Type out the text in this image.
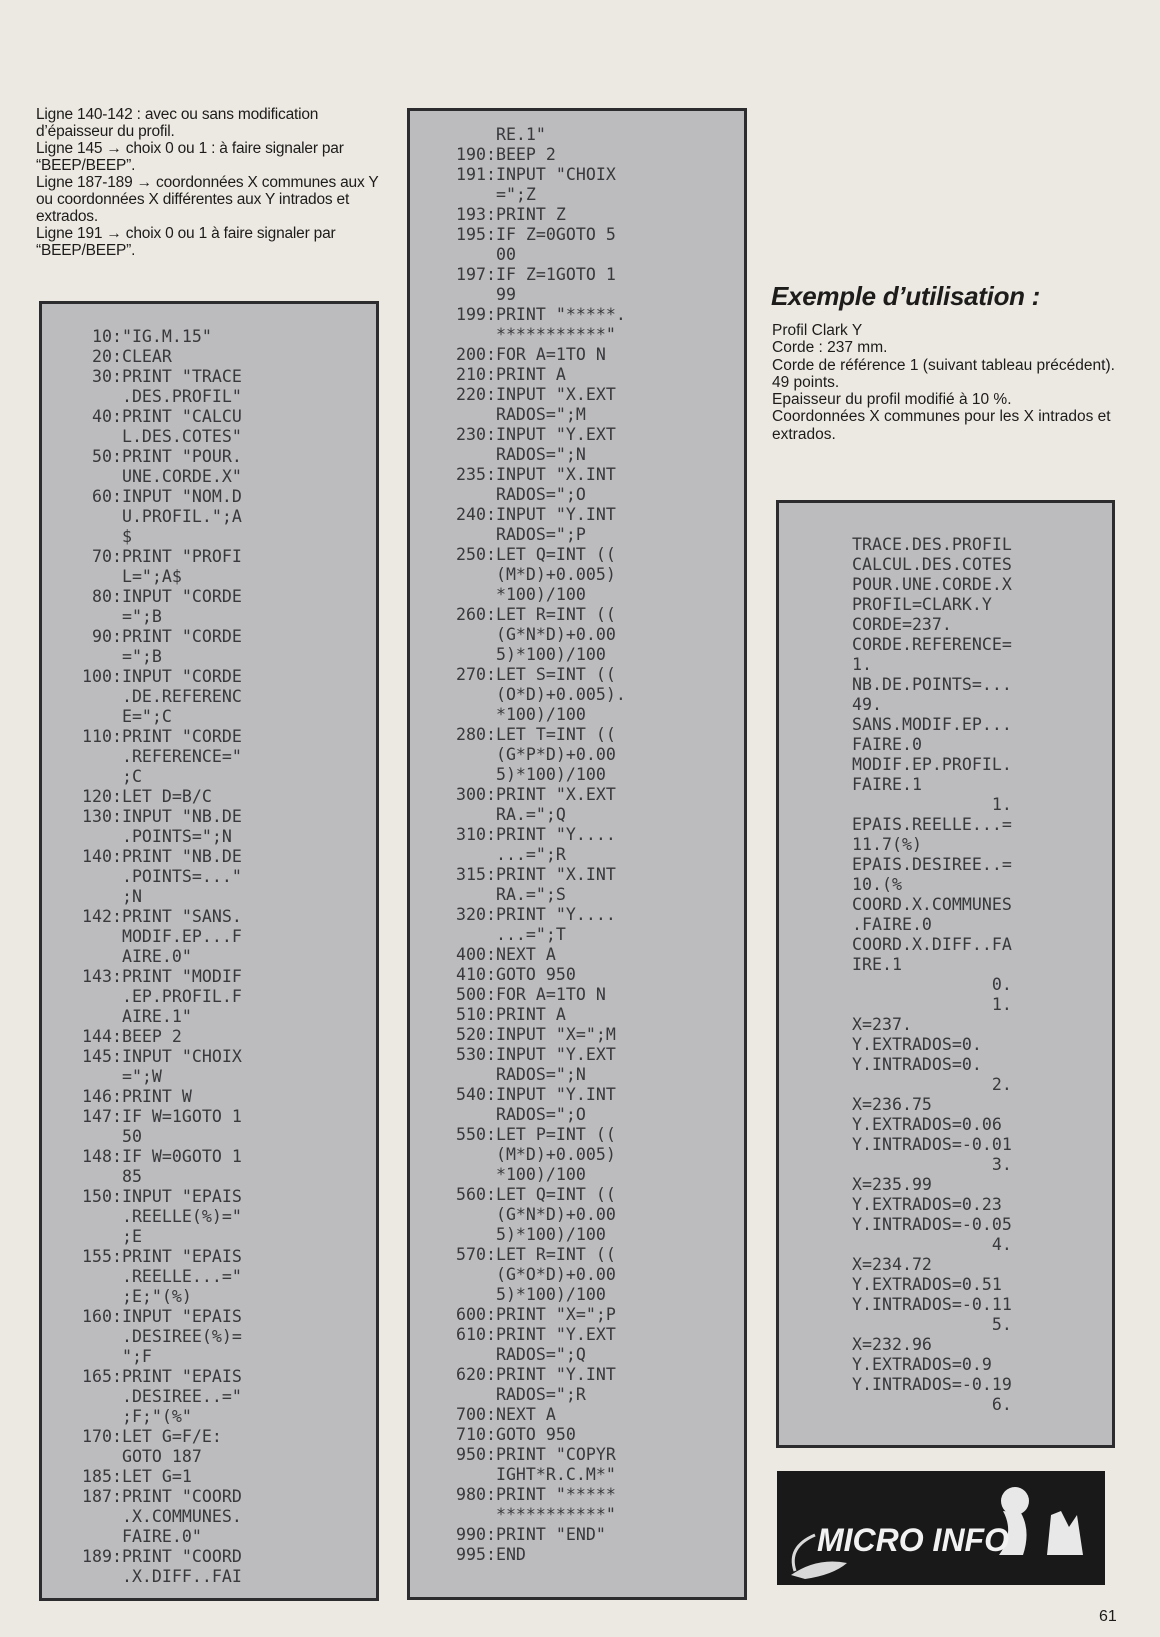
Ligne 140-142 : avec ou sans modification d’épaisseur du profil.

Ligne 145 → choix 0 ou 1 : à faire signaler par “BEEP/BEEP”.

Ligne 187-189 → coordonnées X communes aux Y ou coordonnées X différentes aux Y intrados et extrados.

Ligne 191 → choix 0 ou 1 à faire signaler par “BEEP/BEEP”.

10:"IG.M.15"
20:CLEAR
30:PRINT "TRACE
.DES.PROFIL"
40:PRINT "CALCU
L.DES.COTES"
50:PRINT "POUR.
UNE.CORDE.X"
60:INPUT "NOM.D
U.PROFIL.";A
$
70:PRINT "PROFI
L=";A$
80:INPUT "CORDE
=";B
90:PRINT "CORDE
=";B
100:INPUT "CORDE
.DE.REFERENC
E=";C
110:PRINT "CORDE
.REFERENCE="
;C
120:LET D=B/C
130:INPUT "NB.DE
.POINTS=";N
140:PRINT "NB.DE
.POINTS=..."
;N
142:PRINT "SANS.
MODIF.EP...F
AIRE.0"
143:PRINT "MODIF
.EP.PROFIL.F
AIRE.1"
144:BEEP 2
145:INPUT "CHOIX
=";W
146:PRINT W
147:IF W=1GOTO 1
50
148:IF W=0GOTO 1
85
150:INPUT "EPAIS
.REELLE(%)="
;E
155:PRINT "EPAIS
.REELLE...="
;E;"(%)
160:INPUT "EPAIS
.DESIREE(%)=
";F
165:PRINT "EPAIS
.DESIREE..="
;F;"(%"
170:LET G=F/E:
GOTO 187
185:LET G=1
187:PRINT "COORD
.X.COMMUNES.
FAIRE.0"
189:PRINT "COORD
.X.DIFF..FAI
RE.1"
190:BEEP 2
191:INPUT "CHOIX
=";Z
193:PRINT Z
195:IF Z=0GOTO 5
00
197:IF Z=1GOTO 1
99
199:PRINT "*****.
***********"
200:FOR A=1TO N
210:PRINT A
220:INPUT "X.EXT
RADOS=";M
230:INPUT "Y.EXT
RADOS=";N
235:INPUT "X.INT
RADOS=";O
240:INPUT "Y.INT
RADOS=";P
250:LET Q=INT ((
(M*D)+0.005)
*100)/100
260:LET R=INT ((
(G*N*D)+0.00
5)*100)/100
270:LET S=INT ((
(O*D)+0.005).
*100)/100
280:LET T=INT ((
(G*P*D)+0.00
5)*100)/100
300:PRINT "X.EXT
RA.=";Q
310:PRINT "Y....
...=";R
315:PRINT "X.INT
RA.=";S
320:PRINT "Y....
...=";T
400:NEXT A
410:GOTO 950
500:FOR A=1TO N
510:PRINT A
520:INPUT "X=";M
530:INPUT "Y.EXT
RADOS=";N
540:INPUT "Y.INT
RADOS=";O
550:LET P=INT ((
(M*D)+0.005)
*100)/100
560:LET Q=INT ((
(G*N*D)+0.00
5)*100)/100
570:LET R=INT ((
(G*O*D)+0.00
5)*100)/100
600:PRINT "X=";P
610:PRINT "Y.EXT
RADOS=";Q
620:PRINT "Y.INT
RADOS=";R
700:NEXT A
710:GOTO 950
950:PRINT "COPYR
IGHT*R.C.M*"
980:PRINT "*****
***********"
990:PRINT "END"
995:END
Exemple d’utilisation :

Profil Clark Y

Corde : 237 mm.

Corde de référence 1 (suivant tableau précédent).

49 points.

Epaisseur du profil modifié à 10 %.

Coordonnées X communes pour les X intrados et extrados.

TRACE.DES.PROFIL
CALCUL.DES.COTES
POUR.UNE.CORDE.X
PROFIL=CLARK.Y
CORDE=237.
CORDE.REFERENCE=
1.
NB.DE.POINTS=...
49.
SANS.MODIF.EP...
FAIRE.0
MODIF.EP.PROFIL.
FAIRE.1
1.
EPAIS.REELLE...=
11.7(%)
EPAIS.DESIREE..=
10.(%
COORD.X.COMMUNES
.FAIRE.0
COORD.X.DIFF..FA
IRE.1
0.
1.
X=237.
Y.EXTRADOS=0.
Y.INTRADOS=0.
2.
X=236.75
Y.EXTRADOS=0.06
Y.INTRADOS=-0.01
3.
X=235.99
Y.EXTRADOS=0.23
Y.INTRADOS=-0.05
4.
X=234.72
Y.EXTRADOS=0.51
Y.INTRADOS=-0.11
5.
X=232.96
Y.EXTRADOS=0.9
Y.INTRADOS=-0.19
6.
MICRO INFO
61
